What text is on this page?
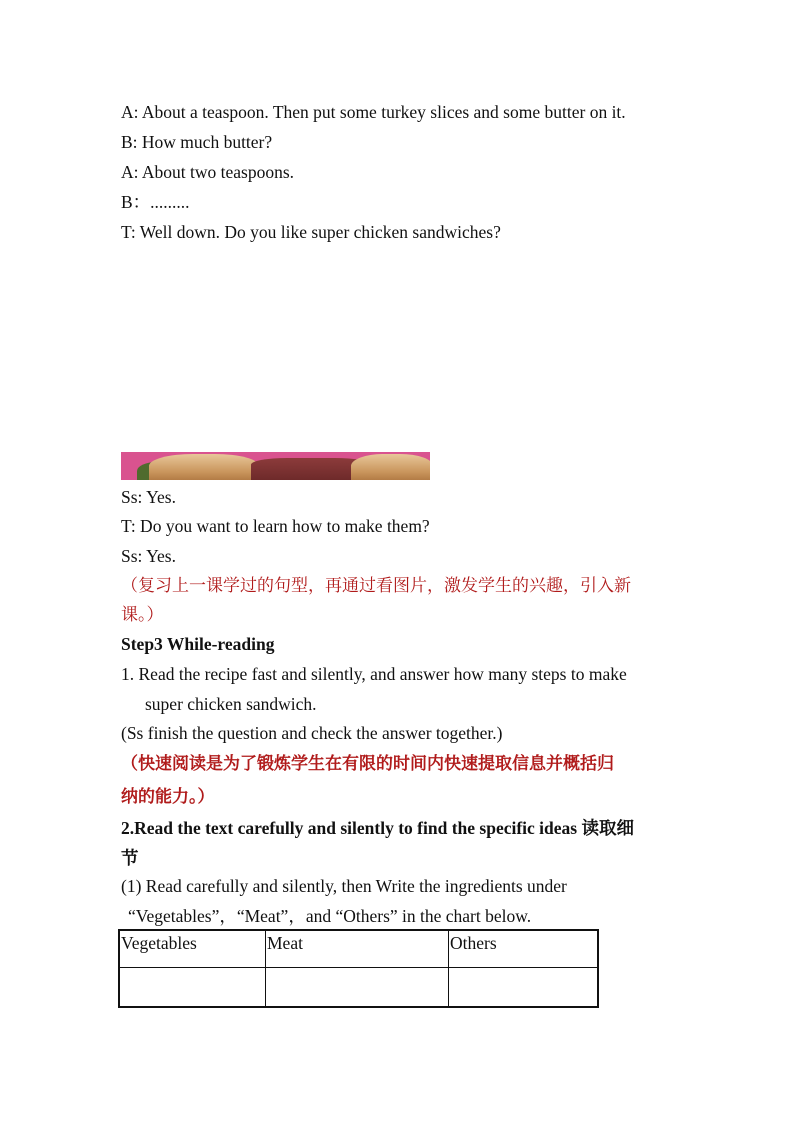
A: About a teaspoon. Then put some turkey slices and some butter on it.
B: How much butter?
A: About two teaspoons.
B：.........
T: Well down. Do you like super chicken sandwiches?
Ss: Yes.
T: Do you want to learn how to make them?
Ss: Yes.
（复习上一课学过的句型，再通过看图片，激发学生的兴趣，引入新
课。）
Step3 While-reading
1. Read the recipe fast and silently, and answer how many steps to make
super chicken sandwich.
(Ss finish the question and check the answer together.)
（快速阅读是为了锻炼学生在有限的时间内快速提取信息并概括归
纳的能力。）
2.Read the text carefully and silently to find the specific ideas 读取细
节
(1) Read carefully and silently, then Write the ingredients under
“Vegetables”，“Meat”，and “Others” in the chart below.
Vegetables	Meat	Others
